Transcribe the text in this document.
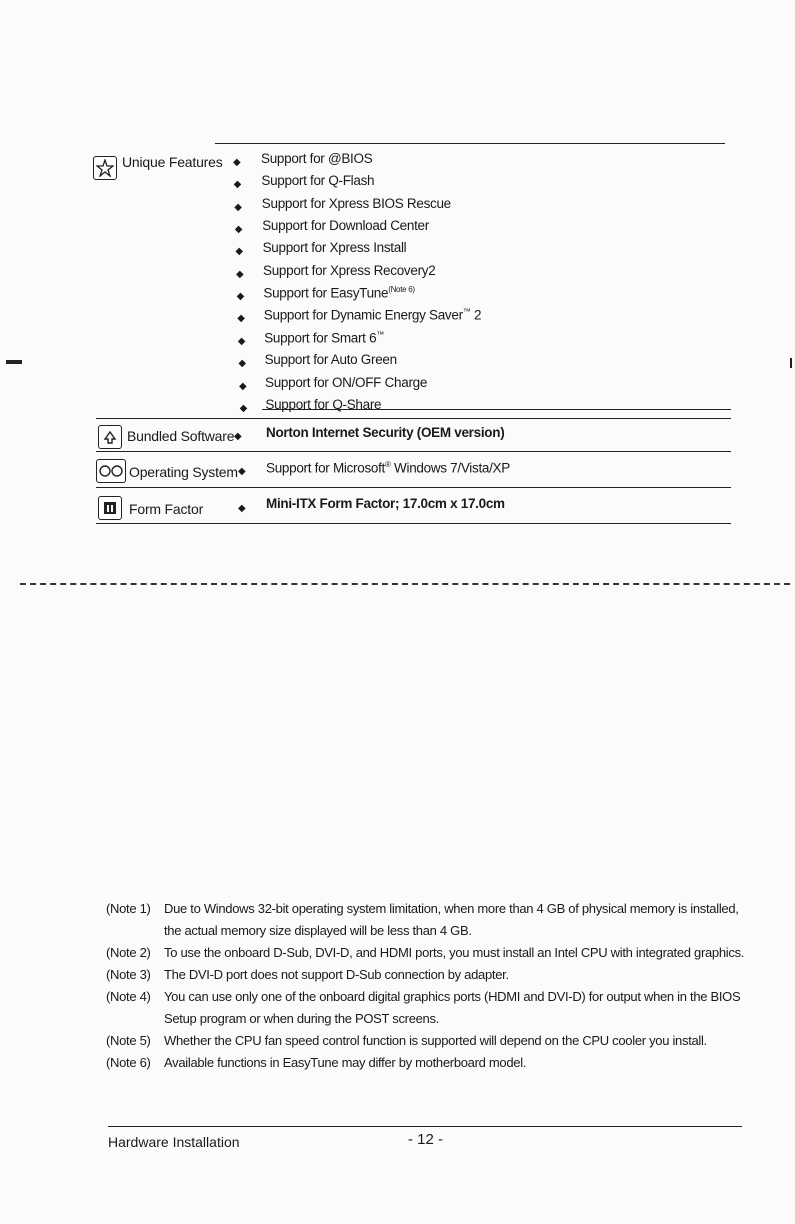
Unique Features ◆ Support for @BIOS
◆ Support for Q-Flash
◆ Support for Xpress BIOS Rescue
◆ Support for Download Center
◆ Support for Xpress Install
◆ Support for Xpress Recovery2
◆ Support for EasyTune$^{(Note 6)}$
◆ Support for Dynamic Energy Saver™ 2
◆ Support for Smart 6™
◆ Support for Auto Green
◆ Support for ON/OFF Charge
◆ Support for Q-Share
Bundled Software ◆ Norton Internet Security (OEM version)
Operating System ◆ Support for Microsoft® Windows 7/Vista/XP
Form Factor	◆ Mini-ITX Form Factor; 17.0cm x 17.0cm
(Note 1)	Due to Windows 32-bit operating system limitation, when more than 4 GB of physical memory is installed, the actual memory size displayed will be less than 4 GB.
(Note 2)	To use the onboard D-Sub, DVI-D, and HDMI ports, you must install an Intel CPU with integrated graphics.
(Note 3)	The DVI-D port does not support D-Sub connection by adapter.
(Note 4)	You can use only one of the onboard digital graphics ports (HDMI and DVI-D) for output when in the BIOS Setup program or when during the POST screens.
(Note 5)	Whether the CPU fan speed control function is supported will depend on the CPU cooler you install.
(Note 6)	Available functions in EasyTune may differ by motherboard model.
Hardware Installation	- 12 -
